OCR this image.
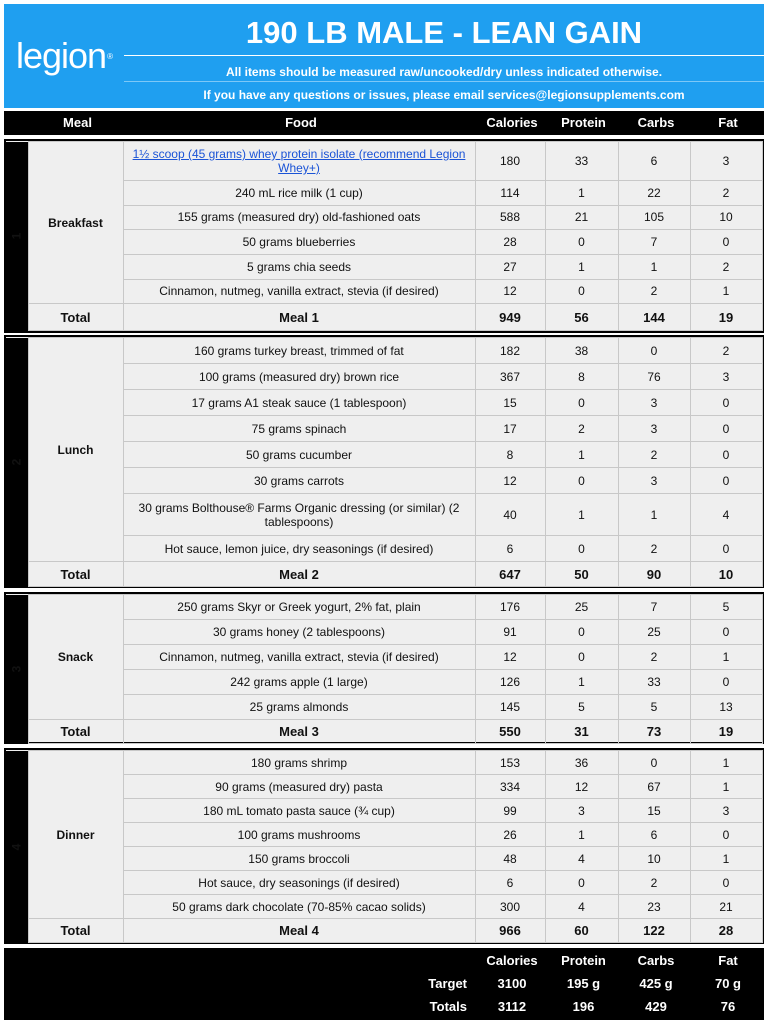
legion ®
190 LB MALE - LEAN GAIN
All items should be measured raw/uncooked/dry unless indicated otherwise.
If you have any questions or issues, please email services@legionsupplements.com
Meal	Food	Calories	Protein	Carbs	Fat
1	Breakfast	1½ scoop (45 grams) whey protein isolate (recommend Legion Whey+)	180	33	6	3
		240 mL rice milk (1 cup)	114	1	22	2
		155 grams (measured dry) old-fashioned oats	588	21	105	10
		50 grams blueberries	28	0	7	0
		5 grams chia seeds	27	1	1	2
		Cinnamon, nutmeg, vanilla extract, stevia (if desired)	12	0	2	1
	Total	Meal 1	949	56	144	19
2	Lunch	160 grams turkey breast, trimmed of fat	182	38	0	2
		100 grams (measured dry) brown rice	367	8	76	3
		17 grams A1 steak sauce (1 tablespoon)	15	0	3	0
		75 grams spinach	17	2	3	0
		50 grams cucumber	8	1	2	0
		30 grams carrots	12	0	3	0
		30 grams Bolthouse® Farms Organic dressing (or similar) (2 tablespoons)	40	1	1	4
		Hot sauce, lemon juice, dry seasonings (if desired)	6	0	2	0
	Total	Meal 2	647	50	90	10
3	Snack	250 grams Skyr or Greek yogurt, 2% fat, plain	176	25	7	5
		30 grams honey (2 tablespoons)	91	0	25	0
		Cinnamon, nutmeg, vanilla extract, stevia (if desired)	12	0	2	1
		242 grams apple (1 large)	126	1	33	0
		25 grams almonds	145	5	5	13
	Total	Meal 3	550	31	73	19
4	Dinner	180 grams shrimp	153	36	0	1
		90 grams (measured dry) pasta	334	12	67	1
		180 mL tomato pasta sauce (¾ cup)	99	3	15	3
		100 grams mushrooms	26	1	6	0
		150 grams broccoli	48	4	10	1
		Hot sauce, dry seasonings (if desired)	6	0	2	0
		50 grams dark chocolate (70-85% cacao solids)	300	4	23	21
	Total	Meal 4	966	60	122	28
Calories	Protein	Carbs	Fat
Target	3100	195 g	425 g	70 g
Totals	3112	196	429	76
